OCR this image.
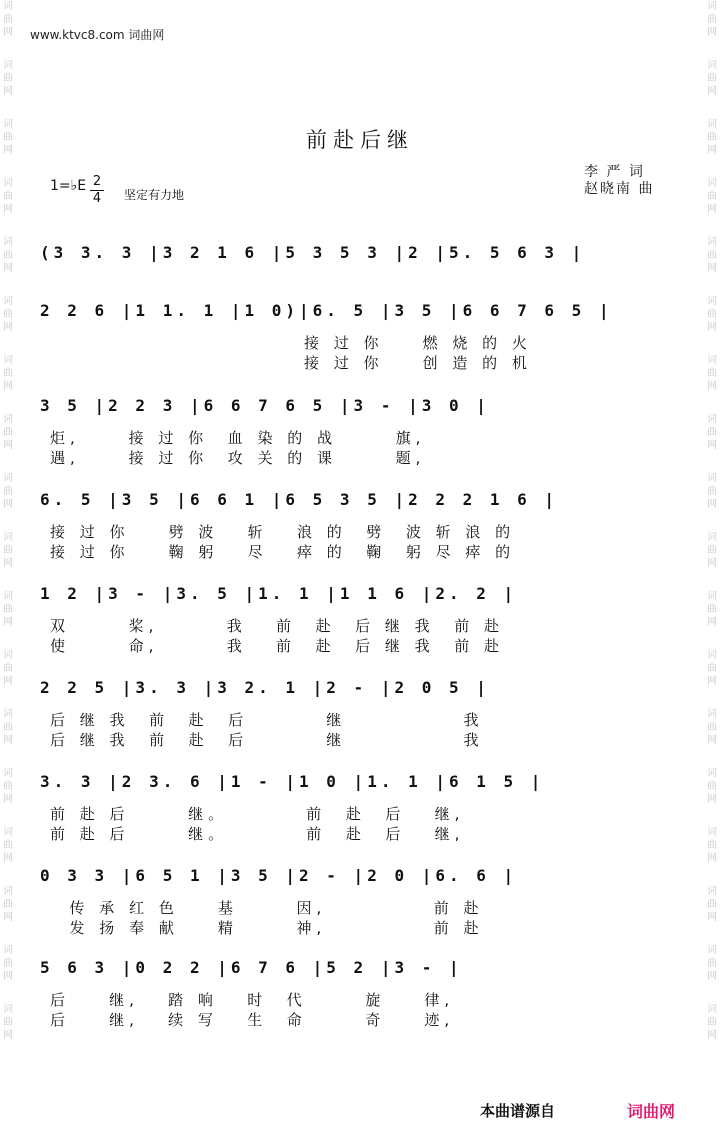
词
曲
网
词
曲
网
词
曲
网
词
曲
网
词
曲
网
词
曲
网
词
曲
网
词
曲
网
词
曲
网
词
曲
网
词
曲
网
词
曲
网
词
曲
网
词
曲
网
词
曲
网
词
曲
网
词
曲
网
词
曲
网
词
曲
网
词
曲
网
词
曲
网
词
曲
网
词
曲
网
词
曲
网
词
曲
网
词
曲
网
词
曲
网
词
曲
网
词
曲
网
词
曲
网
词
曲
网
词
曲
网
词
曲
网
词
曲
网
词
曲
网
词
曲
网
www.ktvc8.com 词曲网
前赴后继
李 严 词
赵晓南 曲
1=♭E 2
4 坚定有力地
(3 3. 3 |3 2 1 6 |5 3 5 3 |2 |5. 5 6 3 |
2 2 6 |1 1. 1 |1 0)|6. 5 |3 5 |6 6 7 6 5 |
接 过 你    燃 烧 的 火
接 过 你    创 造 的 机
3 5 |2 2 3 |6 6 7 6 5 |3 - |3 0 |
炬,     接 过 你  血 染 的 战      旗,
遇,     接 过 你  攻 关 的 课      题,
6. 5 |3 5 |6 6 1 |6 5 3 5 |2 2 2 1 6 |
接 过 你    劈 波   斩   浪 的  劈  波 斩 浪 的
接 过 你    鞠 躬   尽   瘁 的  鞠  躬 尽 瘁 的
1 2 |3 - |3. 5 |1. 1 |1 1 6 |2. 2 |
双      桨,       我   前  赴  后 继 我  前 赴
使      命,       我   前  赴  后 继 我  前 赴
2 2 5 |3. 3 |3 2. 1 |2 - |2 0 5 |
后 继 我  前  赴  后        继            我
后 继 我  前  赴  后        继            我
3. 3 |2 3. 6 |1 - |1 0 |1. 1 |6 1 5 |
前 赴 后      继。        前  赴  后   继,
前 赴 后      继。        前  赴  后   继,
0 3 3 |6 5 1 |3 5 |2 - |2 0 |6. 6 |
传 承 红 色    基      因,           前 赴
发 扬 奉 献    精      神,           前 赴
5 6 3 |0 2 2 |6 7 6 |5 2 |3 - |
后    继,   踏 响   时  代      旋    律,
后    继,   续 写   生  命      奇    迹,
本曲谱源自	词曲网
